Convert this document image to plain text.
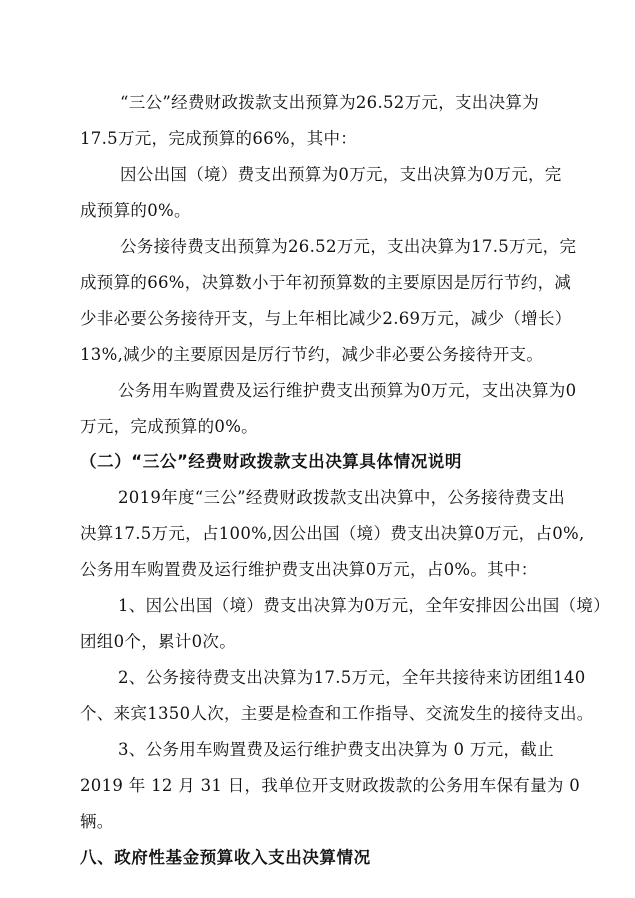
“三公”经费财政拨款支出预算为26.52万元，支出决算为
17.5万元，完成预算的66%，其中：
因公出国（境）费支出预算为0万元，支出决算为0万元，完
成预算的0%。
公务接待费支出预算为26.52万元，支出决算为17.5万元，完
成预算的66%，决算数小于年初预算数的主要原因是厉行节约，减
少非必要公务接待开支，与上年相比减少2.69万元，减少（增长）
13%,减少的主要原因是厉行节约，减少非必要公务接待开支。
公务用车购置费及运行维护费支出预算为0万元，支出决算为0
万元，完成预算的0%。
（二）“三公”经费财政拨款支出决算具体情况说明
2019年度“三公”经费财政拨款支出决算中，公务接待费支出
决算17.5万元，占100%,因公出国（境）费支出决算0万元，占0%,
公务用车购置费及运行维护费支出决算0万元，占0%。其中：
1、因公出国（境）费支出决算为0万元，全年安排因公出国（境）
团组0个，累计0次。
2、公务接待费支出决算为17.5万元，全年共接待来访团组140
个、来宾1350人次，主要是检查和工作指导、交流发生的接待支出。
3、公务用车购置费及运行维护费支出决算为 0 万元，截止
2019 年 12 月 31 日，我单位开支财政拨款的公务用车保有量为 0
辆。
八、政府性基金预算收入支出决算情况
